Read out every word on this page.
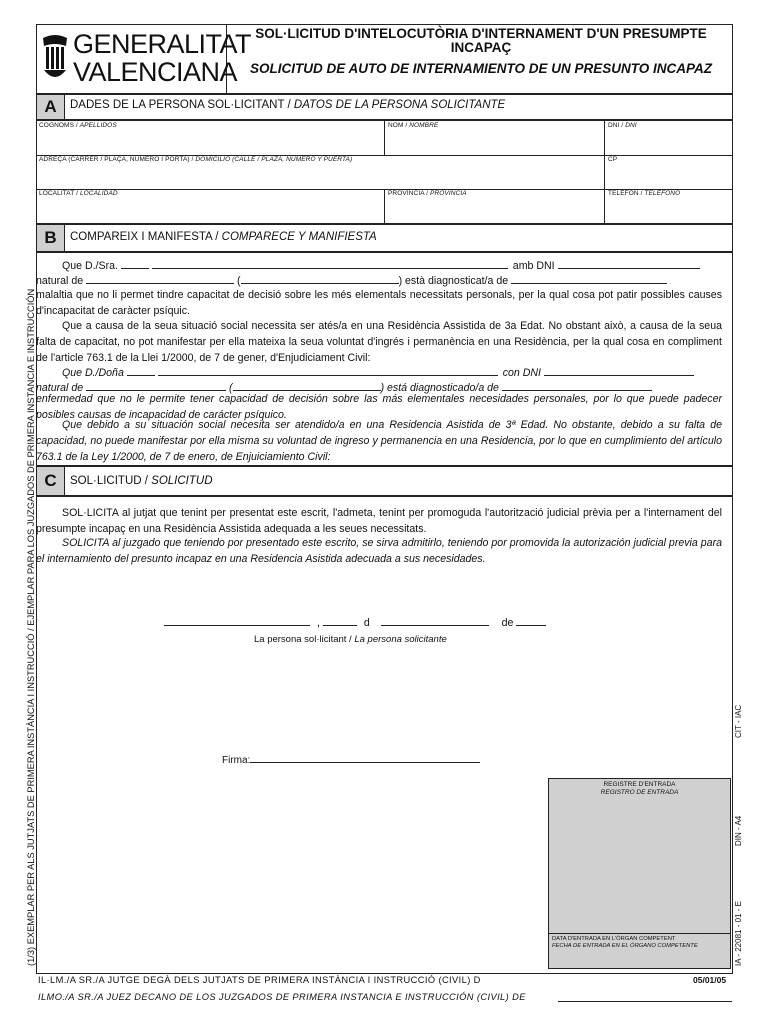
GENERALITAT
VALENCIANA
SOL·LICITUD D'INTELOCUTÒRIA D'INTERNAMENT D'UN PRESUMPTE INCAPAÇ
SOLICITUD DE AUTO DE INTERNAMIENTO DE UN PRESUNTO INCAPAZ
A	DADES DE LA PERSONA SOL·LICITANT / DATOS DE LA PERSONA SOLICITANTE
COGNOMS / APELLIDOS	NOM / NOMBRE	DNI / DNI
ADREÇA (CARRER / PLAÇA, NÚMERO I PORTA) / DOMICILIO (CALLE / PLAZA, NÚMERO Y PUERTA)	CP
LOCALITAT / LOCALIDAD	PROVÍNCIA / PROVINCIA	TELÈFON / TELÉFONO
B	COMPAREIX I MANIFESTA / COMPARECE Y MANIFIESTA
Que D./Sra.	amb DNI
natural de	(	) està diagnosticat/a de
malaltia que no li permet tindre capacitat de decisió sobre les més elementals necessitats personals, per la qual cosa pot patir possibles causes d'incapacitat de caràcter psíquic.
Que a causa de la seua situació social necessita ser atés/a en una Residència Assistida de 3a Edat. No obstant això, a causa de la seua falta de capacitat, no pot manifestar per ella mateixa la seua voluntat d'ingrés i permanència en una Residència, per la qual cosa en compliment de l'article 763.1 de la Llei 1/2000, de 7 de gener, d'Enjudiciament Civil:
Que D./Doña	con DNI
natural de	(	) está diagnosticado/a de
enfermedad que no le permite tener capacidad de decisión sobre las más elementales necesidades personales, por lo que puede padecer posibles causas de incapacidad de carácter psíquico.
Que debido a su situación social necesita ser atendido/a en una Residencia Asistida de 3ª Edad. No obstante, debido a su falta de capacidad, no puede manifestar por ella misma su voluntad de ingreso y permanencia en una Residencia, por lo que en cumplimiento del artículo 763.1 de la Ley 1/2000, de 7 de enero, de Enjuiciamiento Civil:
C	SOL·LICITUD / SOLICITUD
SOL·LICITA al jutjat que tenint per presentat este escrit, l'admeta, tenint per promoguda l'autorització judicial prèvia per a l'internament del presumpte incapaç en una Residència Assistida adequada a les seues necessitats.
SOLICITA al juzgado que teniendo por presentado este escrito, se sirva admitirlo, teniendo por promovida la autorización judicial previa para el internamiento del presunto incapaz en una Residencia Asistida adecuada a sus necesidades.
,	d	de
La persona sol·licitant / La persona solicitante
Firma:
REGISTRE D'ENTRADA
REGISTRO DE ENTRADA
DATA D'ENTRADA EN L'ÒRGAN COMPETENT
FECHA DE ENTRADA EN EL ÓRGANO COMPETENTE
IL·LM./A SR./A JUTGE DEGÀ DELS JUTJATS DE PRIMERA INSTÀNCIA I INSTRUCCIÓ (CIVIL) D	05/01/05
ILMO./A SR./A JUEZ DECANO DE LOS JUZGADOS DE PRIMERA INSTANCIA E INSTRUCCIÓN (CIVIL) DE
(1/3) EXEMPLAR PER ALS JUTJATS DE PRIMERA INSTÀNCIA I INSTRUCCIÓ / EJEMPLAR PARA LOS JUZGADOS DE PRIMERA INSTANCIA E INSTRUCCIÓN	CIT - IAC
DIN - A4
IA - 22081 - 01 - E
